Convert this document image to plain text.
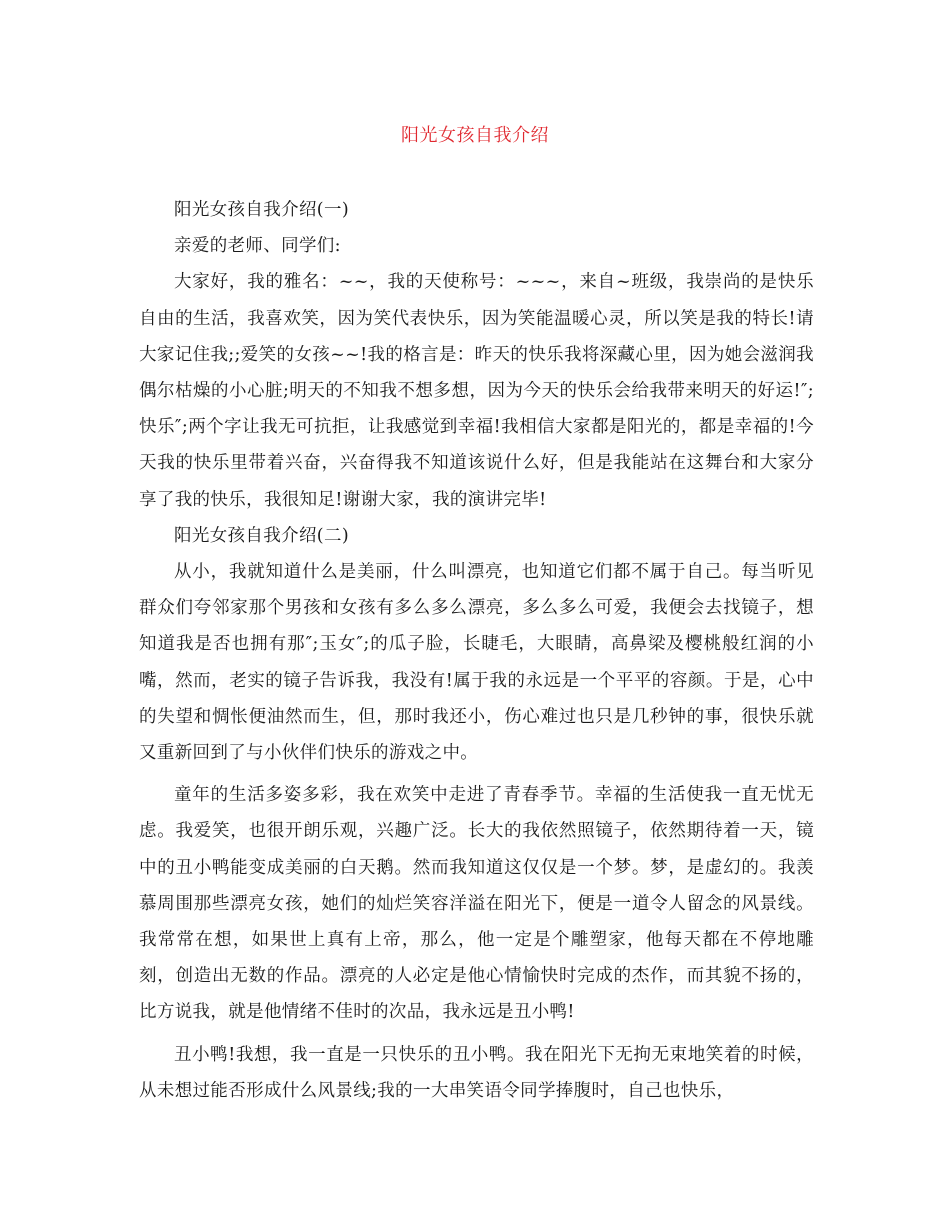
阳光女孩自我介绍

阳光女孩自我介绍(一)

亲爱的老师、同学们:

大家好，我的雅名：~~，我的天使称号：~~~，来自~班级，我崇尚的是快乐自由的生活，我喜欢笑，因为笑代表快乐，因为笑能温暖心灵，所以笑是我的特长!请大家记住我;;爱笑的女孩~~!我的格言是：昨天的快乐我将深藏心里，因为她会滋润我偶尔枯燥的小心脏;明天的不知我不想多想，因为今天的快乐会给我带来明天的好运!″;快乐″;两个字让我无可抗拒，让我感觉到幸福!我相信大家都是阳光的，都是幸福的!今天我的快乐里带着兴奋，兴奋得我不知道该说什么好，但是我能站在这舞台和大家分享了我的快乐，我很知足!谢谢大家，我的演讲完毕!

阳光女孩自我介绍(二)

从小，我就知道什么是美丽，什么叫漂亮，也知道它们都不属于自己。每当听见群众们夸邻家那个男孩和女孩有多么多么漂亮，多么多么可爱，我便会去找镜子，想知道我是否也拥有那″;玉女″;的瓜子脸，长睫毛，大眼睛，高鼻梁及樱桃般红润的小嘴，然而，老实的镜子告诉我，我没有!属于我的永远是一个平平的容颜。于是，心中的失望和惆怅便油然而生，但，那时我还小，伤心难过也只是几秒钟的事，很快乐就又重新回到了与小伙伴们快乐的游戏之中。

童年的生活多姿多彩，我在欢笑中走进了青春季节。幸福的生活使我一直无忧无虑。我爱笑，也很开朗乐观，兴趣广泛。长大的我依然照镜子，依然期待着一天，镜中的丑小鸭能变成美丽的白天鹅。然而我知道这仅仅是一个梦。梦，是虚幻的。我羡慕周围那些漂亮女孩，她们的灿烂笑容洋溢在阳光下，便是一道令人留念的风景线。我常常在想，如果世上真有上帝，那么，他一定是个雕塑家，他每天都在不停地雕刻，创造出无数的作品。漂亮的人必定是他心情愉快时完成的杰作，而其貌不扬的，比方说我，就是他情绪不佳时的次品，我永远是丑小鸭!

丑小鸭!我想，我一直是一只快乐的丑小鸭。我在阳光下无拘无束地笑着的时候，从未想过能否形成什么风景线;我的一大串笑语令同学捧腹时，自己也快乐，
